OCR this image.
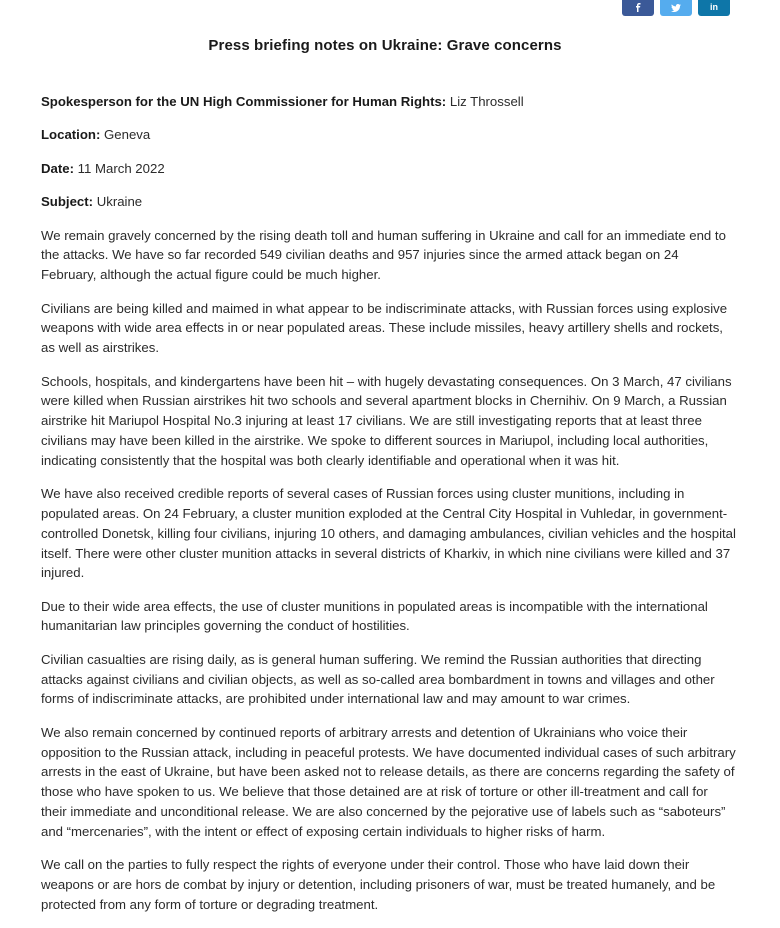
in
Press briefing notes on Ukraine: Grave concerns

Spokesperson for the UN High Commissioner for Human Rights: Liz Throssell

Location: Geneva

Date: 11 March 2022

Subject: Ukraine

We remain gravely concerned by the rising death toll and human suffering in Ukraine and call for an immediate end to the attacks. We have so far recorded 549 civilian deaths and 957 injuries since the armed attack began on 24 February, although the actual figure could be much higher.

Civilians are being killed and maimed in what appear to be indiscriminate attacks, with Russian forces using explosive weapons with wide area effects in or near populated areas. These include missiles, heavy artillery shells and rockets, as well as airstrikes.

Schools, hospitals, and kindergartens have been hit – with hugely devastating consequences. On 3 March, 47 civilians were killed when Russian airstrikes hit two schools and several apartment blocks in Chernihiv. On 9 March, a Russian airstrike hit Mariupol Hospital No.3 injuring at least 17 civilians. We are still investigating reports that at least three civilians may have been killed in the airstrike. We spoke to different sources in Mariupol, including local authorities, indicating consistently that the hospital was both clearly identifiable and operational when it was hit.

We have also received credible reports of several cases of Russian forces using cluster munitions, including in populated areas. On 24 February, a cluster munition exploded at the Central City Hospital in Vuhledar, in government-controlled Donetsk, killing four civilians, injuring 10 others, and damaging ambulances, civilian vehicles and the hospital itself. There were other cluster munition attacks in several districts of Kharkiv, in which nine civilians were killed and 37 injured.

Due to their wide area effects, the use of cluster munitions in populated areas is incompatible with the international humanitarian law principles governing the conduct of hostilities.

Civilian casualties are rising daily, as is general human suffering. We remind the Russian authorities that directing attacks against civilians and civilian objects, as well as so-called area bombardment in towns and villages and other forms of indiscriminate attacks, are prohibited under international law and may amount to war crimes.

We also remain concerned by continued reports of arbitrary arrests and detention of Ukrainians who voice their opposition to the Russian attack, including in peaceful protests. We have documented individual cases of such arbitrary arrests in the east of Ukraine, but have been asked not to release details, as there are concerns regarding the safety of those who have spoken to us. We believe that those detained are at risk of torture or other ill-treatment and call for their immediate and unconditional release. We are also concerned by the pejorative use of labels such as “saboteurs” and “mercenaries”, with the intent or effect of exposing certain individuals to higher risks of harm.

We call on the parties to fully respect the rights of everyone under their control. Those who have laid down their weapons or are hors de combat by injury or detention, including prisoners of war, must be treated humanely, and be protected from any form of torture or degrading treatment.
